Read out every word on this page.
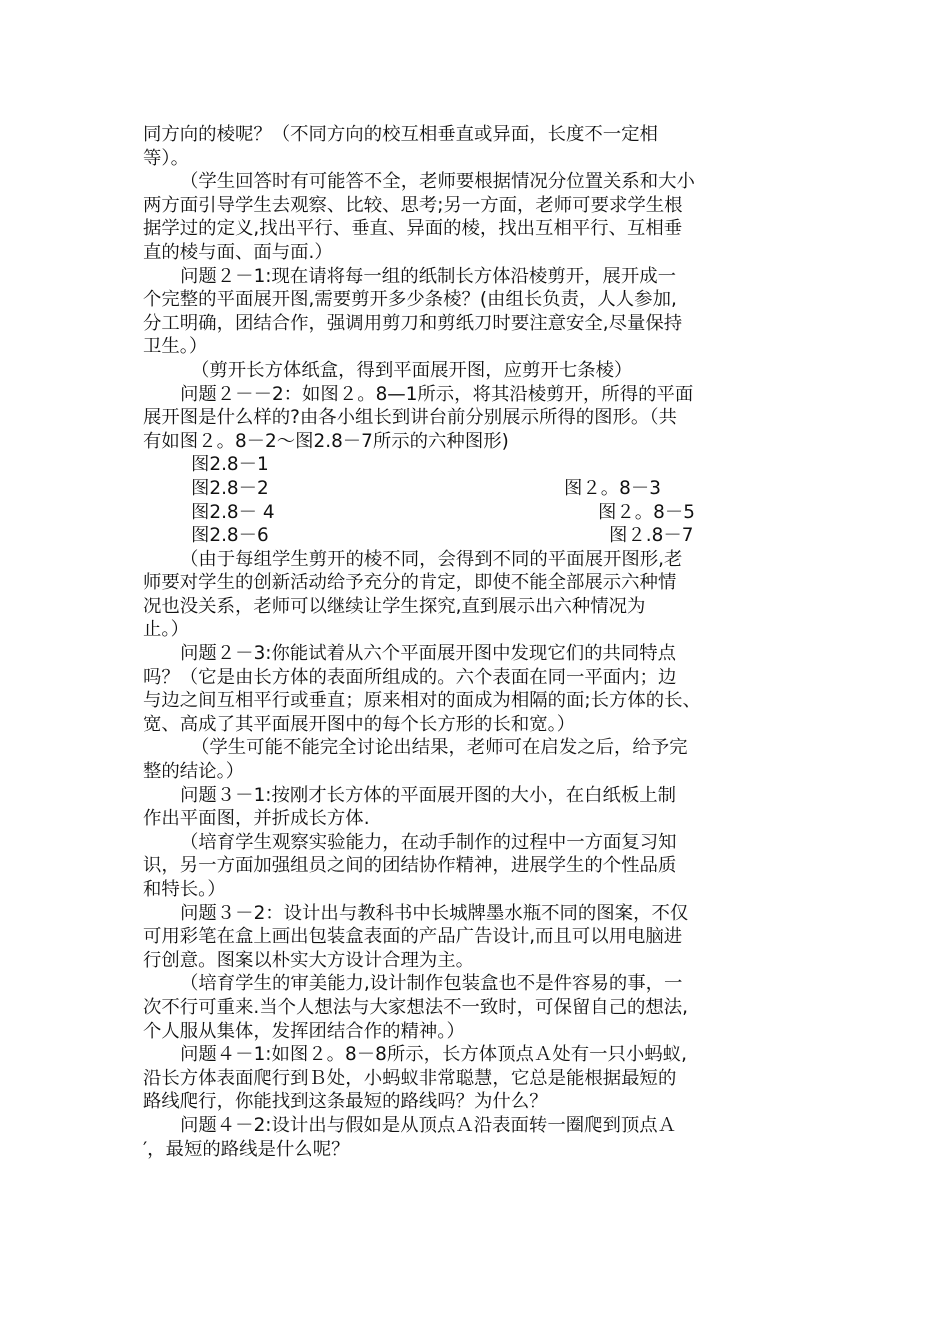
同方向的棱呢？（不同方向的校互相垂直或异面，长度不一定相
等）。
（学生回答时有可能答不全，老师要根据情况分位置关系和大小
两方面引导学生去观察、比较、思考;另一方面，老师可要求学生根
据学过的定义,找出平行、垂直、异面的棱，找出互相平行、互相垂
直的棱与面、面与面.）
问题２－1:现在请将每一组的纸制长方体沿棱剪开，展开成一
个完整的平面展开图,需要剪开多少条棱？(由组长负责，人人参加,
分工明确，团结合作，强调用剪刀和剪纸刀时要注意安全,尽量保持
卫生。）
（剪开长方体纸盒，得到平面展开图，应剪开七条棱）
问题２－－2：如图２。8—1所示，将其沿棱剪开，所得的平面
展开图是什么样的?由各小组长到讲台前分别展示所得的图形。（共
有如图２。8－2～图2.8－7所示的六种图形)
图2.8－1
图2.8－2	图２。8－3
图2.8－ 4	图２。8－5
图2.8－6	图２.8－7
（由于每组学生剪开的棱不同，会得到不同的平面展开图形,老
师要对学生的创新活动给予充分的肯定，即使不能全部展示六种情
况也没关系，老师可以继续让学生探究,直到展示出六种情况为
止。）
问题２－3:你能试着从六个平面展开图中发现它们的共同特点
吗？（它是由长方体的表面所组成的。六个表面在同一平面内；边
与边之间互相平行或垂直；原来相对的面成为相隔的面;长方体的长、
宽、高成了其平面展开图中的每个长方形的长和宽。）
（学生可能不能完全讨论出结果，老师可在启发之后，给予完
整的结论。）
问题３－1:按刚才长方体的平面展开图的大小，在白纸板上制
作出平面图，并折成长方体.
（培育学生观察实验能力，在动手制作的过程中一方面复习知
识，另一方面加强组员之间的团结协作精神，进展学生的个性品质
和特长。）
问题３－2：设计出与教科书中长城牌墨水瓶不同的图案，不仅
可用彩笔在盒上画出包装盒表面的产品广告设计,而且可以用电脑进
行创意。图案以朴实大方设计合理为主。
（培育学生的审美能力,设计制作包装盒也不是件容易的事，一
次不行可重来.当个人想法与大家想法不一致时，可保留自己的想法,
个人服从集体，发挥团结合作的精神。）
问题４－1:如图２。8－8所示，长方体顶点Ａ处有一只小蚂蚁,
沿长方体表面爬行到Ｂ处，小蚂蚁非常聪慧，它总是能根据最短的
路线爬行，你能找到这条最短的路线吗？为什么？
问题４－2:设计出与假如是从顶点Ａ沿表面转一圈爬到顶点Ａ
′，最短的路线是什么呢？
